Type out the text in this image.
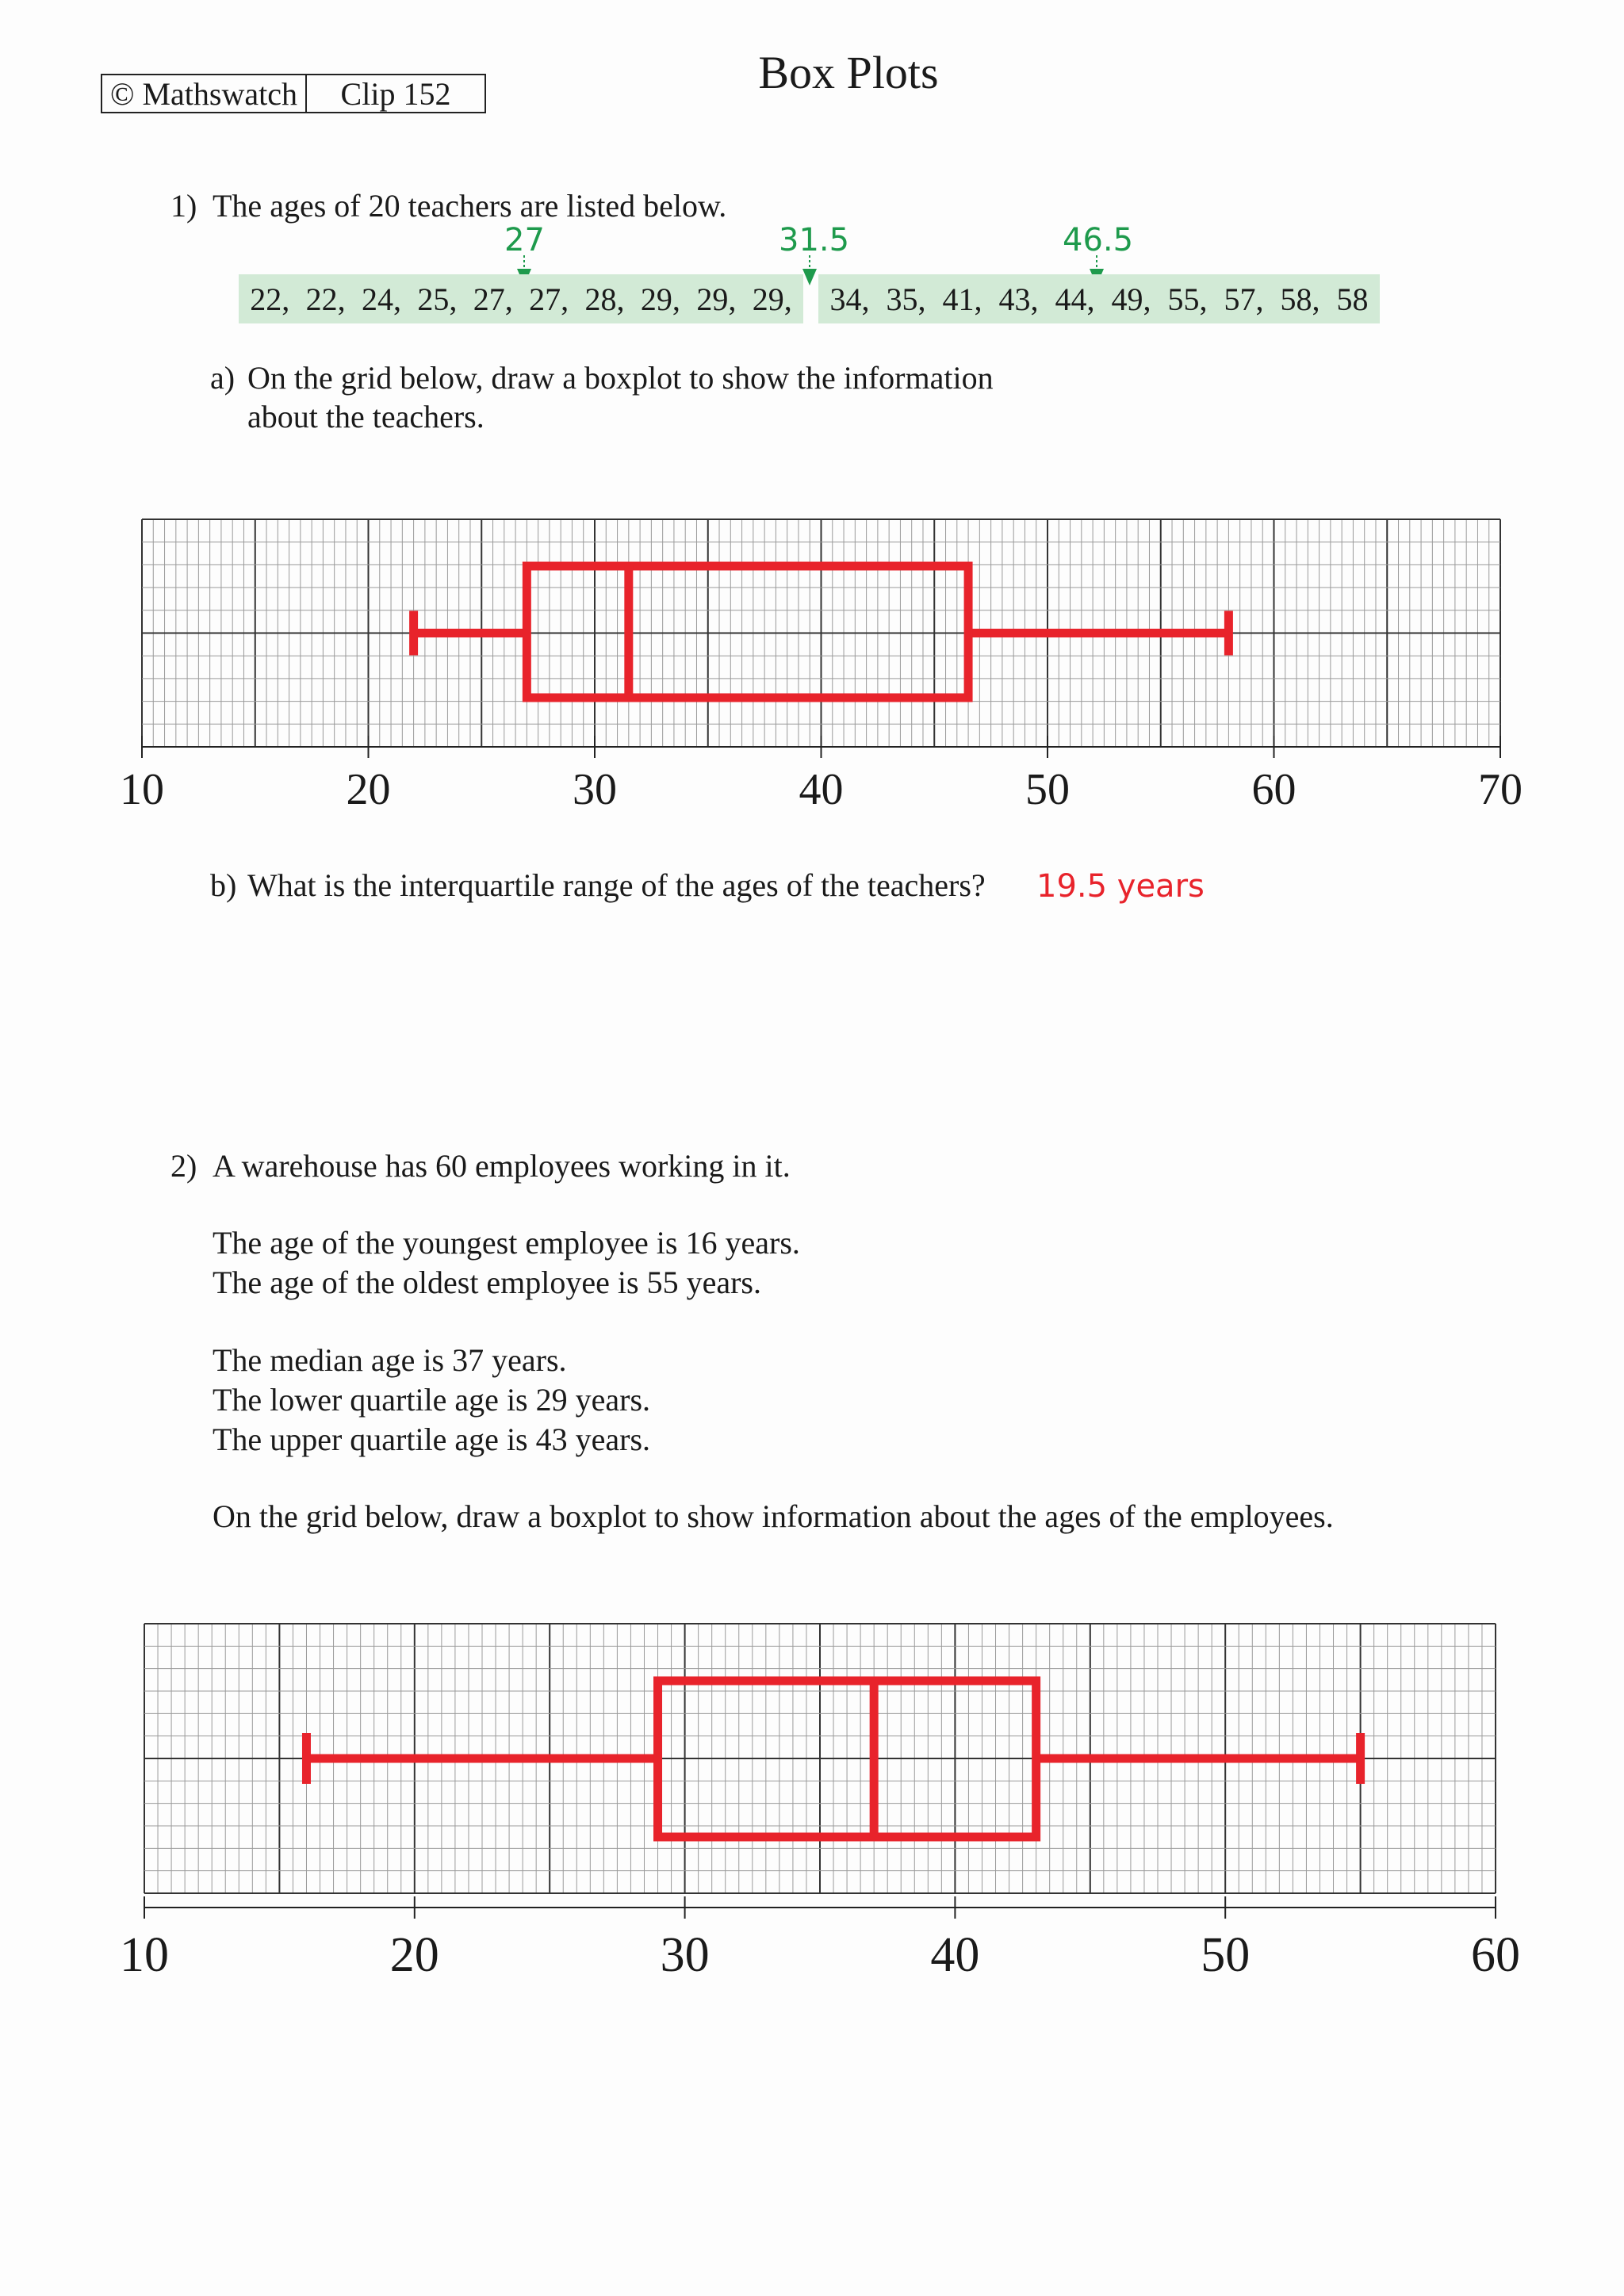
© Mathswatch	Clip 152	Box Plots
1) The ages of 20 teachers are listed below.
27	31.5	46.5
22, 22, 24, 25, 27, 27, 28, 29, 29, 29, 34, 35, 41, 43, 44, 49, 55, 57, 58, 58
a) On the grid below, draw a boxplot to show the information
about the teachers.
10	20	30	40	50	60	70
b) What is the interquartile range of the ages of the teachers? 19.5 years
2) A warehouse has 60 employees working in it.
The age of the youngest employee is 16 years.
The age of the oldest employee is 55 years.
The median age is 37 years.
The lower quartile age is 29 years.
The upper quartile age is 43 years.
On the grid below, draw a boxplot to show information about the ages of the employees.
10	20	30	40	50	60
